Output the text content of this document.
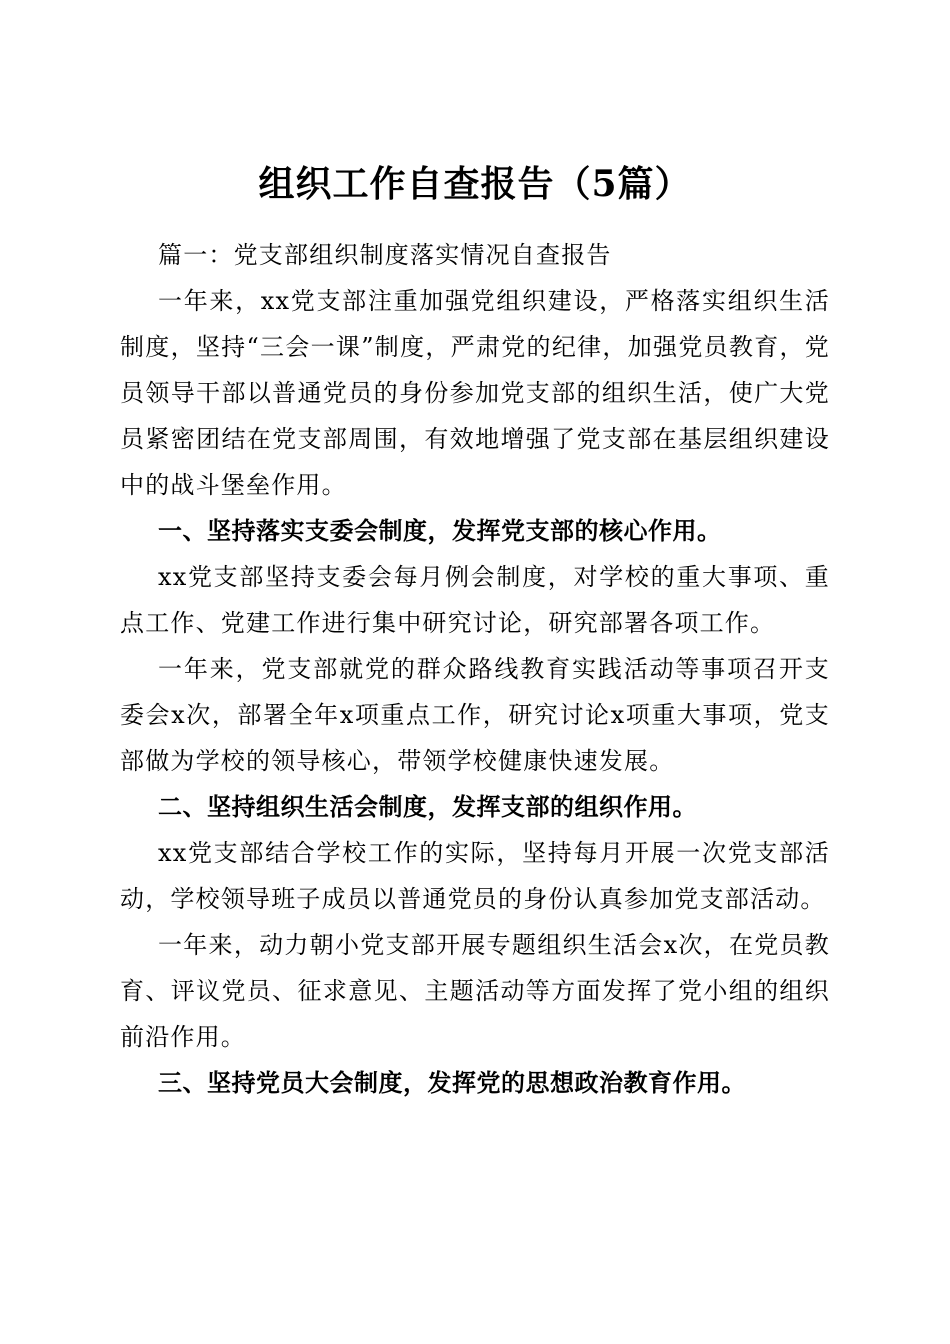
组织工作自查报告（5篇）

篇一：党支部组织制度落实情况自查报告

一年来，xx党支部注重加强党组织建设，严格落实组织生活制度，坚持“三会一课”制度，严肃党的纪律，加强党员教育，党员领导干部以普通党员的身份参加党支部的组织生活，使广大党员紧密团结在党支部周围，有效地增强了党支部在基层组织建设中的战斗堡垒作用。

一、坚持落实支委会制度，发挥党支部的核心作用。

xx党支部坚持支委会每月例会制度，对学校的重大事项、重点工作、党建工作进行集中研究讨论，研究部署各项工作。

一年来，党支部就党的群众路线教育实践活动等事项召开支委会x次，部署全年x项重点工作，研究讨论x项重大事项，党支部做为学校的领导核心，带领学校健康快速发展。

二、坚持组织生活会制度，发挥支部的组织作用。

xx党支部结合学校工作的实际，坚持每月开展一次党支部活动，学校领导班子成员以普通党员的身份认真参加党支部活动。

一年来，动力朝小党支部开展专题组织生活会x次，在党员教育、评议党员、征求意见、主题活动等方面发挥了党小组的组织前沿作用。

三、坚持党员大会制度，发挥党的思想政治教育作用。
